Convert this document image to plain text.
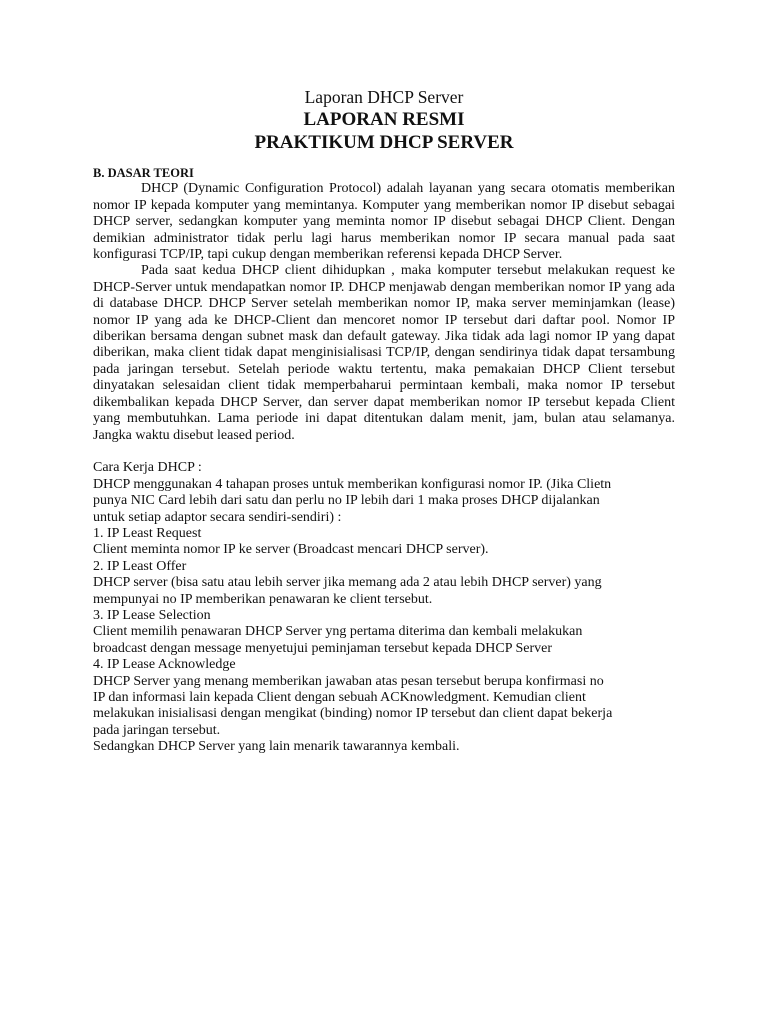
Laporan DHCP Server
LAPORAN RESMI
PRAKTIKUM DHCP SERVER

B. DASAR TEORI

DHCP (Dynamic Configuration Protocol) adalah layanan yang secara otomatis memberikan nomor IP kepada komputer yang memintanya. Komputer yang memberikan nomor IP disebut sebagai DHCP server, sedangkan komputer yang meminta nomor IP disebut sebagai DHCP Client. Dengan demikian administrator tidak perlu lagi harus memberikan nomor IP secara manual pada saat konfigurasi TCP/IP, tapi cukup dengan memberikan referensi kepada DHCP Server.

Pada saat kedua DHCP client dihidupkan , maka komputer tersebut melakukan request ke DHCP-Server untuk mendapatkan nomor IP. DHCP menjawab dengan memberikan nomor IP yang ada di database DHCP. DHCP Server setelah memberikan nomor IP, maka server meminjamkan (lease) nomor IP yang ada ke DHCP-Client dan mencoret nomor IP tersebut dari daftar pool. Nomor IP diberikan bersama dengan subnet mask dan default gateway. Jika tidak ada lagi nomor IP yang dapat diberikan, maka client tidak dapat menginisialisasi TCP/IP, dengan sendirinya tidak dapat tersambung pada jaringan tersebut. Setelah periode waktu tertentu, maka pemakaian DHCP Client tersebut dinyatakan selesaidan client tidak memperbaharui permintaan kembali, maka nomor IP tersebut dikembalikan kepada DHCP Server, dan server dapat memberikan nomor IP tersebut kepada Client yang membutuhkan. Lama periode ini dapat ditentukan dalam menit, jam, bulan atau selamanya. Jangka waktu disebut leased period.

Cara Kerja DHCP :

DHCP menggunakan 4 tahapan proses untuk memberikan konfigurasi nomor IP. (Jika Clietn

punya NIC Card lebih dari satu dan perlu no IP lebih dari 1 maka proses DHCP dijalankan

untuk setiap adaptor secara sendiri-sendiri) :

1. IP Least Request

Client meminta nomor IP ke server (Broadcast mencari DHCP server).

2. IP Least Offer

DHCP server (bisa satu atau lebih server jika memang ada 2 atau lebih DHCP server) yang

mempunyai no IP memberikan penawaran ke client tersebut.

3. IP Lease Selection

Client memilih penawaran DHCP Server yng pertama diterima dan kembali melakukan

broadcast dengan message menyetujui peminjaman tersebut kepada DHCP Server

4. IP Lease Acknowledge

DHCP Server yang menang memberikan jawaban atas pesan tersebut berupa konfirmasi no

IP dan informasi lain kepada Client dengan sebuah ACKnowledgment. Kemudian client

melakukan inisialisasi dengan mengikat (binding) nomor IP tersebut dan client dapat bekerja

pada jaringan tersebut.

Sedangkan DHCP Server yang lain menarik tawarannya kembali.
